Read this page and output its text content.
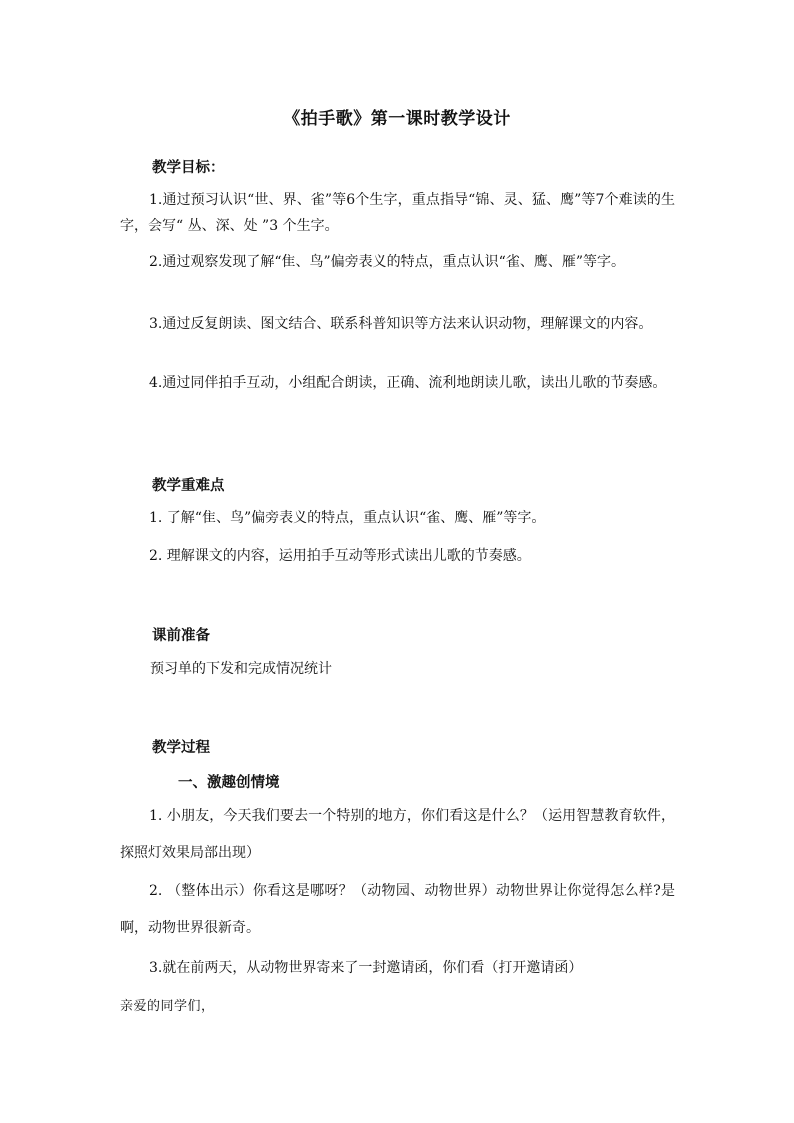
《拍手歌》第一课时教学设计
教学目标：
1.通过预习认识“世、界、雀”等6个生字，重点指导“锦、灵、猛、鹰”等7个难读的生字，会写“ 丛、深、处 ”3 个生字。
2.通过观察发现了解“隹、鸟”偏旁表义的特点，重点认识“雀、鹰、雁”等字。
3.通过反复朗读、图文结合、联系科普知识等方法来认识动物，理解课文的内容。
4.通过同伴拍手互动，小组配合朗读，正确、流利地朗读儿歌，读出儿歌的节奏感。
教学重难点
1. 了解“隹、鸟”偏旁表义的特点，重点认识“雀、鹰、雁”等字。
2. 理解课文的内容，运用拍手互动等形式读出儿歌的节奏感。
课前准备
预习单的下发和完成情况统计
教学过程
一、激趣创情境
1. 小朋友，今天我们要去一个特别的地方，你们看这是什么？（运用智慧教育软件，探照灯效果局部出现）
2. （整体出示）你看这是哪呀？（动物园、动物世界）动物世界让你觉得怎么样?是啊，动物世界很新奇。
3.就在前两天，从动物世界寄来了一封邀请函，你们看（打开邀请函）
亲爱的同学们，
